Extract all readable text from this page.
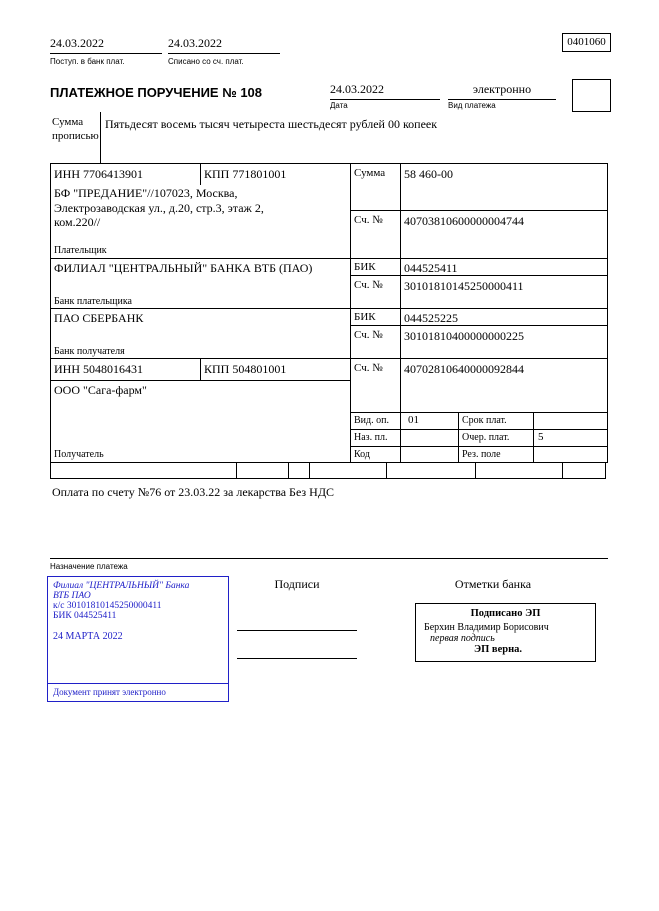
24.03.2022
Поступ. в банк плат.
24.03.2022
Списано со сч. плат.
0401060
ПЛАТЕЖНОЕ ПОРУЧЕНИЕ № 108	24.03.2022
Дата
электронно
Вид платежа
Сумма
прописью
Пятьдесят восемь тысяч четыреста шестьдесят рублей 00 копеек
ИНН 7706413901	КПП 771801001	Сумма 58 460-00
БФ "ПРЕДАНИЕ"//107023, Москва, Электрозаводская ул., д.20, стр.3, этаж 2, ком.220//	Сч. № 40703810600000004744
Плательщик
ФИЛИАЛ "ЦЕНТРАЛЬНЫЙ" БАНКА ВТБ (ПАО)	БИК 044525411
Сч. № 30101810145250000411
Банк плательщика
ПАО СБЕРБАНК	БИК 044525225
Сч. № 30101810400000000225
Банк получателя
ИНН 5048016431	КПП 504801001	Сч. № 40702810640000092844
ООО "Сага-фарм"
Вид. оп. 01	Срок плат.
Наз. пл.	Очер. плат.	5
Код	Рез. поле
Получатель
Оплата по счету №76 от 23.03.22 за лекарства Без НДС
Назначение платежа
Филиал "ЦЕНТРАЛЬНЫЙ" Банка
ВТБ ПАО
к/с 30101810145250000411
БИК 044525411
24 МАРТА 2022
Документ принят электронно
Подписи	Отметки банка
Подписано ЭП
Берхин Владимир Борисович
первая подпись
ЭП верна.
